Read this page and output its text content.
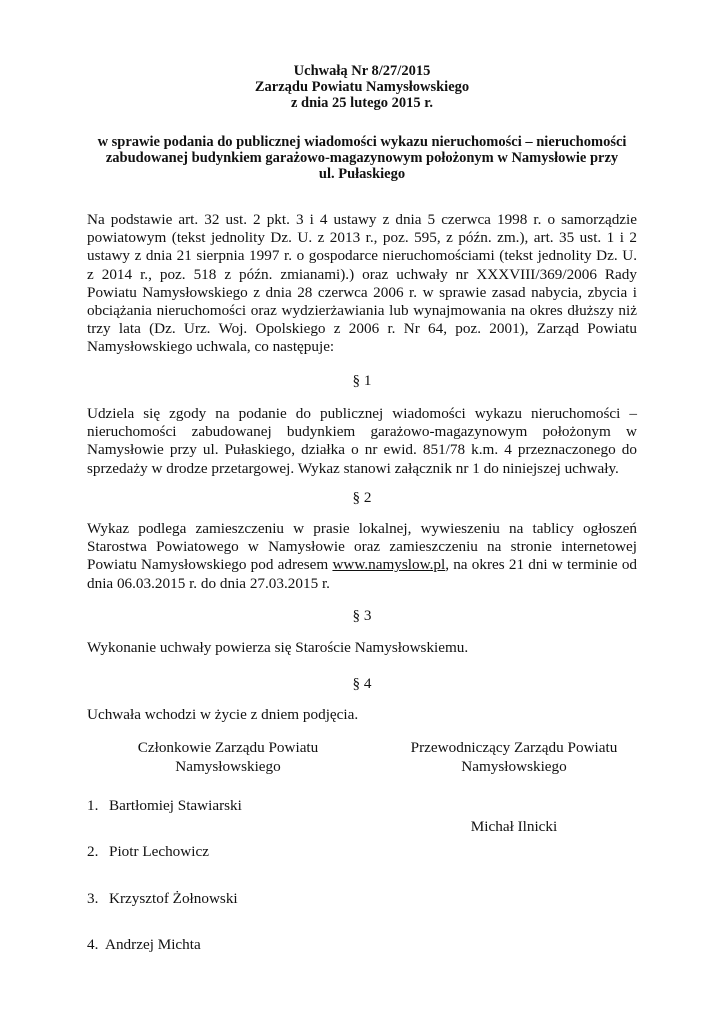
Uchwałą Nr 8/27/2015
Zarządu Powiatu Namysłowskiego
z dnia 25 lutego 2015 r.
w sprawie podania do publicznej wiadomości wykazu nieruchomości – nieruchomości
zabudowanej budynkiem garażowo-magazynowym położonym w Namysłowie przy
ul. Pułaskiego

Na podstawie art. 32 ust. 2 pkt. 3 i 4 ustawy z dnia 5 czerwca 1998 r. o samorządzie powiatowym (tekst jednolity Dz. U. z 2013 r., poz. 595, z późn. zm.), art. 35 ust. 1 i 2 ustawy z dnia 21 sierpnia 1997 r. o gospodarce nieruchomościami (tekst jednolity Dz. U. z 2014 r., poz. 518 z późn. zmianami).) oraz uchwały nr XXXVIII/369/2006 Rady Powiatu Namysłowskiego z dnia 28 czerwca 2006 r. w sprawie zasad nabycia, zbycia i obciążania nieruchomości oraz wydzierżawiania lub wynajmowania na okres dłuższy niż trzy lata (Dz. Urz. Woj. Opolskiego z 2006 r. Nr 64, poz. 2001), Zarząd Powiatu Namysłowskiego uchwala, co następuje:

§ 1

Udziela się zgody na podanie do publicznej wiadomości wykazu nieruchomości – nieruchomości zabudowanej budynkiem garażowo-magazynowym położonym w Namysłowie przy ul. Pułaskiego, działka o nr ewid. 851/78 k.m. 4 przeznaczonego do sprzedaży w drodze przetargowej. Wykaz stanowi załącznik nr 1 do niniejszej uchwały.

§ 2

Wykaz podlega zamieszczeniu w prasie lokalnej, wywieszeniu na tablicy ogłoszeń Starostwa Powiatowego w Namysłowie oraz zamieszczeniu na stronie internetowej Powiatu Namysłowskiego pod adresem www.namyslow.pl, na okres 21 dni w terminie od dnia 06.03.2015 r. do dnia 27.03.2015 r.

§ 3

Wykonanie uchwały powierza się Staroście Namysłowskiemu.

§ 4

Uchwała wchodzi w życie z dniem podjęcia.

Członkowie Zarządu Powiatu
Namysłowskiego
Przewodniczący Zarządu Powiatu
Namysłowskiego

Michał Ilnicki

1. Bartłomiej Stawiarski

2. Piotr Lechowicz

3. Krzysztof Żołnowski

4. Andrzej Michta
